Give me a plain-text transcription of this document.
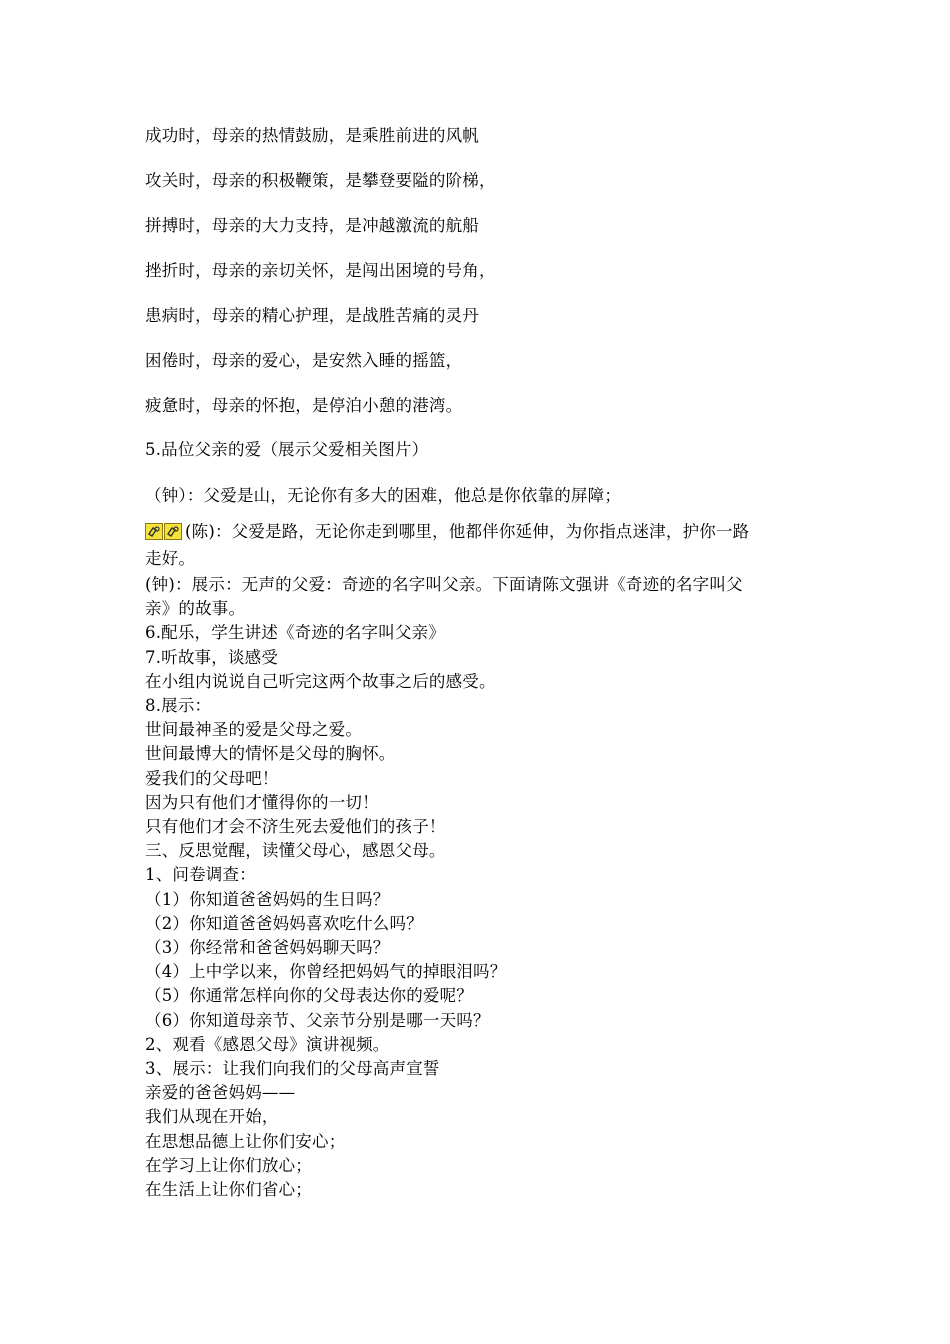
成功时，母亲的热情鼓励，是乘胜前进的风帆
攻关时，母亲的积极鞭策，是攀登要隘的阶梯，
拼搏时，母亲的大力支持，是冲越激流的航船
挫折时，母亲的亲切关怀，是闯出困境的号角，
患病时，母亲的精心护理，是战胜苦痛的灵丹
困倦时，母亲的爱心，是安然入睡的摇篮，
疲惫时，母亲的怀抱，是停泊小憩的港湾。
5.品位父亲的爱（展示父爱相关图片）
（钟）：父爱是山，无论你有多大的困难，他总是你依靠的屏障；
(陈)：父爱是路，无论你走到哪里，他都伴你延伸，为你指点迷津，护你一路
走好。
(钟)：展示：无声的父爱：奇迹的名字叫父亲。下面请陈文强讲《奇迹的名字叫父
亲》的故事。
6.配乐，学生讲述《奇迹的名字叫父亲》
7.听故事，谈感受
在小组内说说自己听完这两个故事之后的感受。
8.展示：
世间最神圣的爱是父母之爱。
世间最博大的情怀是父母的胸怀。
爱我们的父母吧！
因为只有他们才懂得你的一切！
只有他们才会不济生死去爱他们的孩子！
三、反思觉醒，读懂父母心，感恩父母。
1、问卷调查：
（1）你知道爸爸妈妈的生日吗？
（2）你知道爸爸妈妈喜欢吃什么吗？
（3）你经常和爸爸妈妈聊天吗？
（4）上中学以来，你曾经把妈妈气的掉眼泪吗？
（5）你通常怎样向你的父母表达你的爱呢？
（6）你知道母亲节、父亲节分别是哪一天吗？
2、观看《感恩父母》演讲视频。
3、展示：让我们向我们的父母高声宣誓
亲爱的爸爸妈妈——
我们从现在开始，
在思想品德上让你们安心；
在学习上让你们放心；
在生活上让你们省心；
